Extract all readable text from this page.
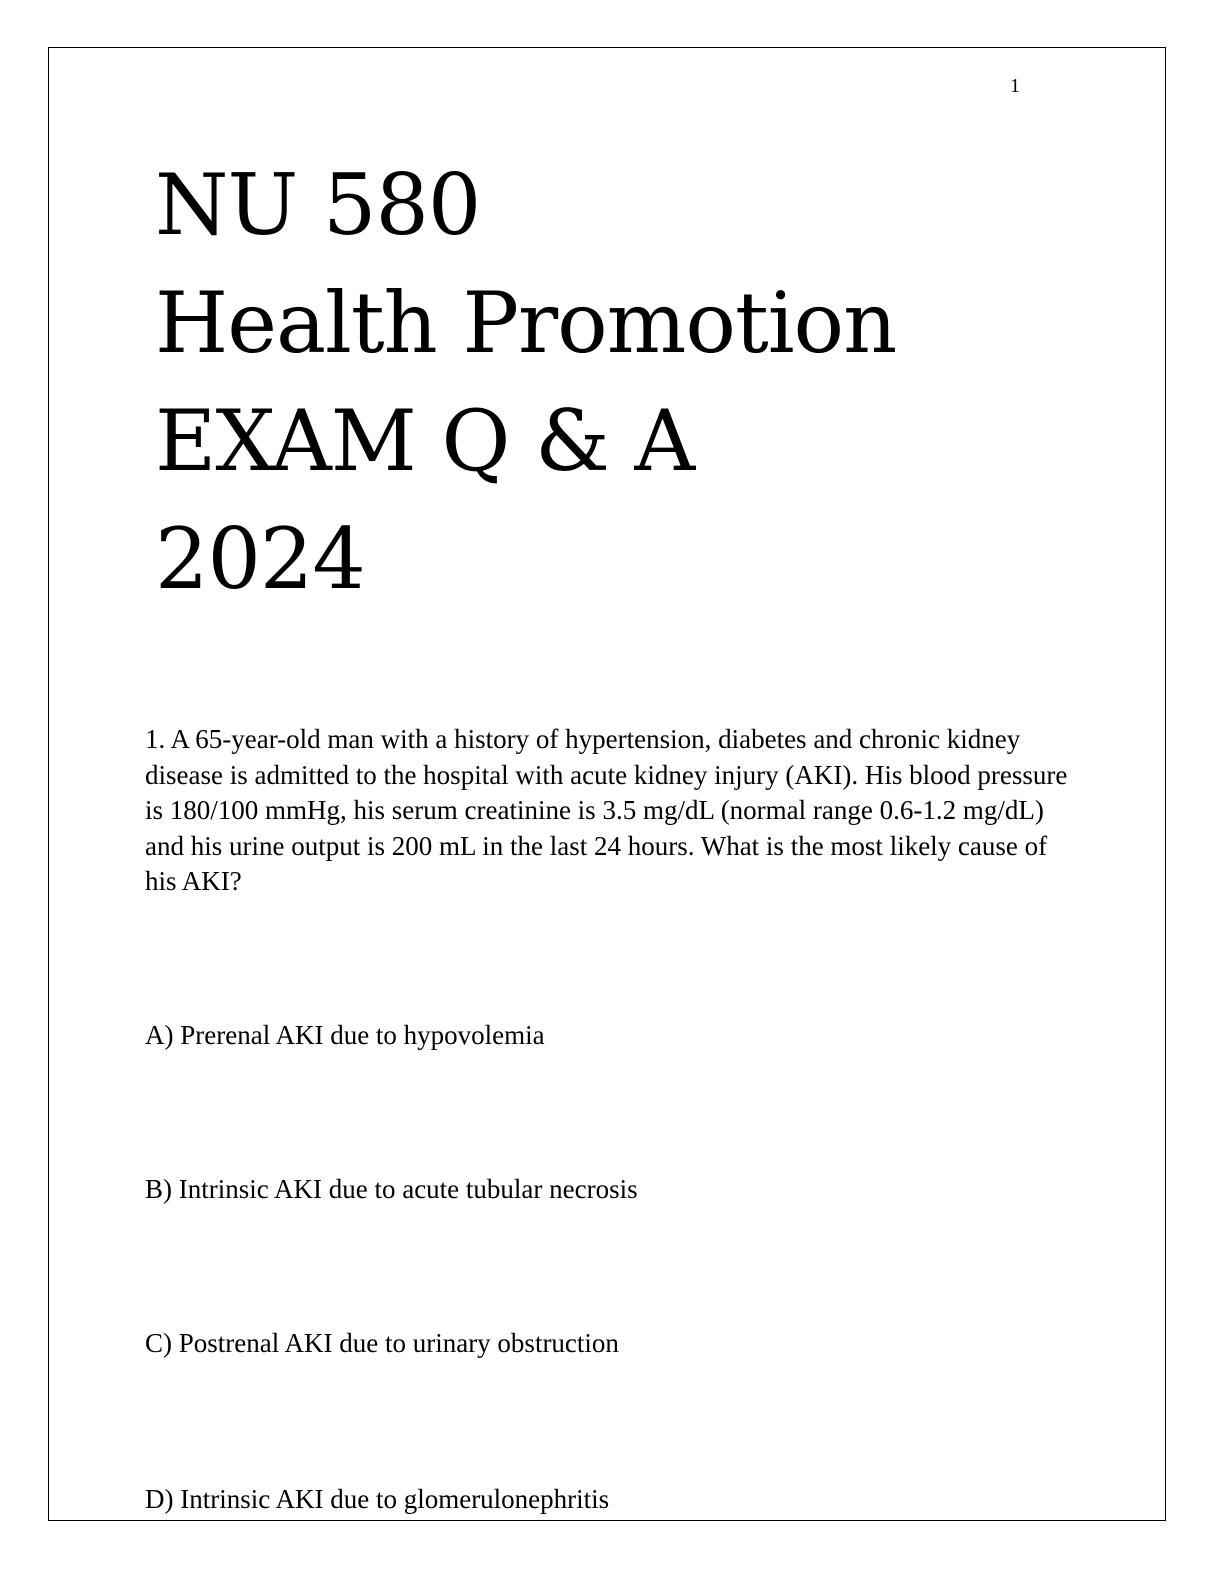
1
NU 580
Health Promotion
EXAM Q & A
2024

1. A 65-year-old man with a history of hypertension, diabetes and chronic kidney disease is admitted to the hospital with acute kidney injury (AKI). His blood pressure is 180/100 mmHg, his serum creatinine is 3.5 mg/dL (normal range 0.6-1.2 mg/dL) and his urine output is 200 mL in the last 24 hours. What is the most likely cause of his AKI?

A) Prerenal AKI due to hypovolemia
B) Intrinsic AKI due to acute tubular necrosis
C) Postrenal AKI due to urinary obstruction
D) Intrinsic AKI due to glomerulonephritis
